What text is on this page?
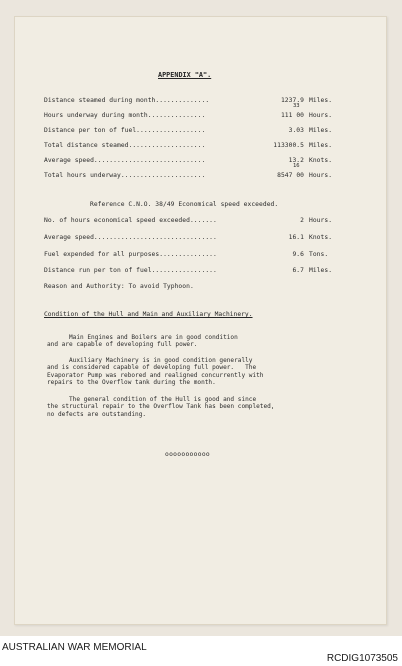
APPENDIX "A".
Distance steamed during month..............	1237.9 Miles.
33
Hours underway during month...............	111 00 Hours.
Distance per ton of fuel..................	3.03 Miles.
Total distance steamed....................	113300.5 Miles.
Average speed.............................	13.2 Knots.
16
Total hours underway......................	8547 00 Hours.
Reference C.N.O. 38/49 Economical speed exceeded.
No. of hours economical speed exceeded.......	2 Hours.
Average speed................................	16.1 Knots.
Fuel expended for all purposes...............	9.6 Tons.
Distance run per ton of fuel.................	6.7 Miles.
Reason and Authority: To avoid Typhoon.
Condition of the Hull and Main and Auxiliary Machinery.
Main Engines and Boilers are in good condition
and are capable of developing full power.
Auxiliary Machinery is in good condition generally
and is considered capable of developing full power.   The
Evaporator Pump was rebored and realigned concurrently with
repairs to the Overflow tank during the month.
The general condition of the Hull is good and since
the structural repair to the Overflow Tank has been completed,
no defects are outstanding.
ooooooooooo
AUSTRALIAN WAR MEMORIAL
RCDIG1073505
